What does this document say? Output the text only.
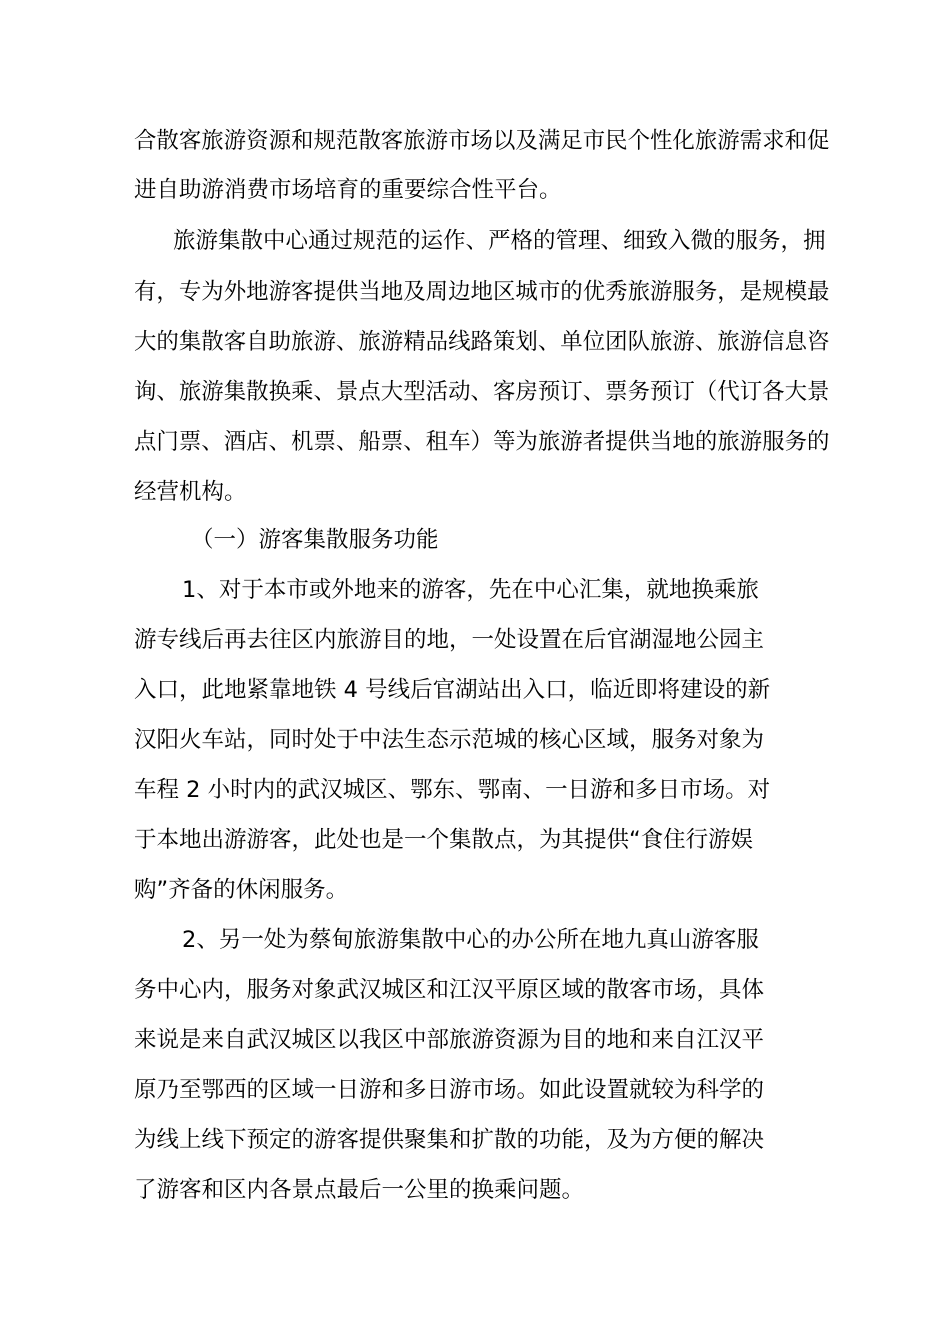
合散客旅游资源和规范散客旅游市场以及满足市民个性化旅游需求和促
进自助游消费市场培育的重要综合性平台。
旅游集散中心通过规范的运作、严格的管理、细致入微的服务，拥
有，专为外地游客提供当地及周边地区城市的优秀旅游服务，是规模最
大的集散客自助旅游、旅游精品线路策划、单位团队旅游、旅游信息咨
询、旅游集散换乘、景点大型活动、客房预订、票务预订（代订各大景
点门票、酒店、机票、船票、租车）等为旅游者提供当地的旅游服务的
经营机构。
（一）游客集散服务功能
1、对于本市或外地来的游客，先在中心汇集，就地换乘旅
游专线后再去往区内旅游目的地，一处设置在后官湖湿地公园主
入口，此地紧靠地铁 4 号线后官湖站出入口，临近即将建设的新
汉阳火车站，同时处于中法生态示范城的核心区域，服务对象为
车程 2 小时内的武汉城区、鄂东、鄂南、一日游和多日市场。对
于本地出游游客，此处也是一个集散点，为其提供“食住行游娱
购”齐备的休闲服务。
2、另一处为蔡甸旅游集散中心的办公所在地九真山游客服
务中心内，服务对象武汉城区和江汉平原区域的散客市场，具体
来说是来自武汉城区以我区中部旅游资源为目的地和来自江汉平
原乃至鄂西的区域一日游和多日游市场。如此设置就较为科学的
为线上线下预定的游客提供聚集和扩散的功能，及为方便的解决
了游客和区内各景点最后一公里的换乘问题。
